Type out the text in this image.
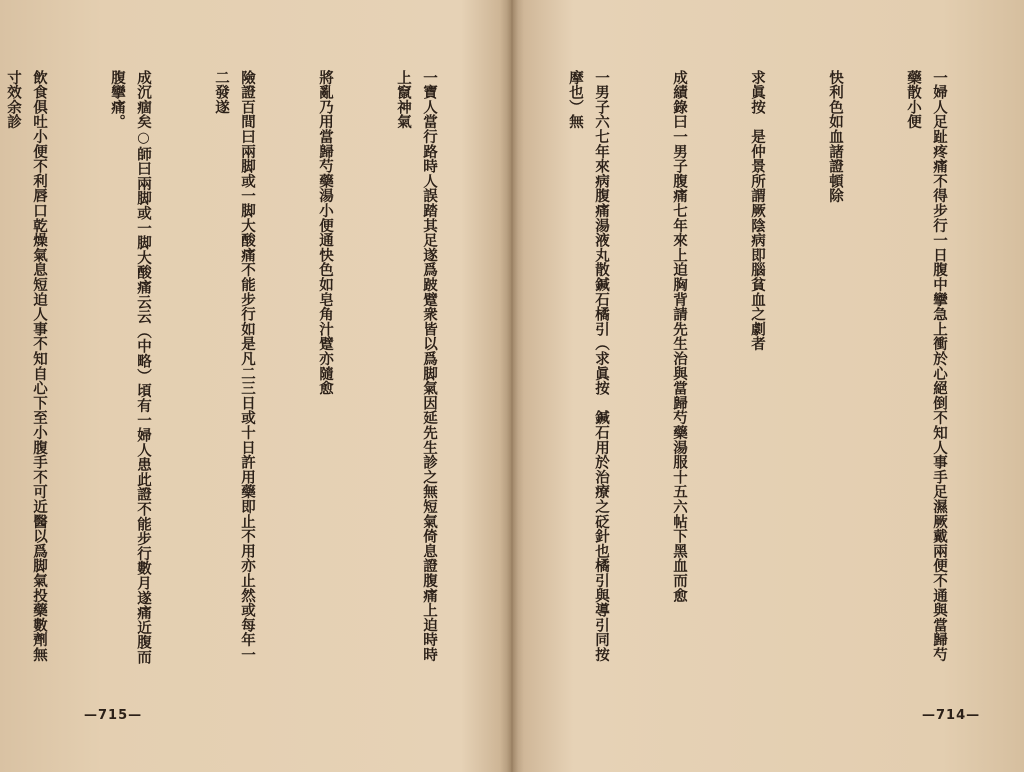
一寶人當行路時人誤踏其足遂爲跛躄衆皆以爲脚氣因延先生診之無短氣倚息證腹痛上迫時時上竄神氣

將亂乃用當歸芍藥湯小便通快色如皂角汁躄亦隨愈

險證百間曰兩脚或一脚大酸痛不能步行如是凡二三日或十日許用藥即止不用亦止然或每年一二發遂

成沉痼矣○師曰兩脚或一脚大酸痛云云（中略）頃有一婦人患此證不能步行數月遂痛近腹而腹攣痛。

飲食俱吐小便不利唇口乾燥氣息短迫人事不知自心下至小腹手不可近醫以爲脚氣投藥數劑無寸效余診

—715—

一婦人足趾疼痛不得步行一日腹中攣急上衝於心絕倒不知人事手足濕厥戴兩便不通與當歸芍藥散小便

快利色如血諸證頓除

求眞按　是仲景所謂厥陰病即腦貧血之劇者

成績錄曰一男子腹痛七年來上迫胸背請先生治與當歸芍藥湯服十五六帖下黑血而愈

一男子六七年來病腹痛湯液丸散鍼石橘引（求眞按　鍼石用於治療之砭針也橘引與導引同按摩也）無

—714—
